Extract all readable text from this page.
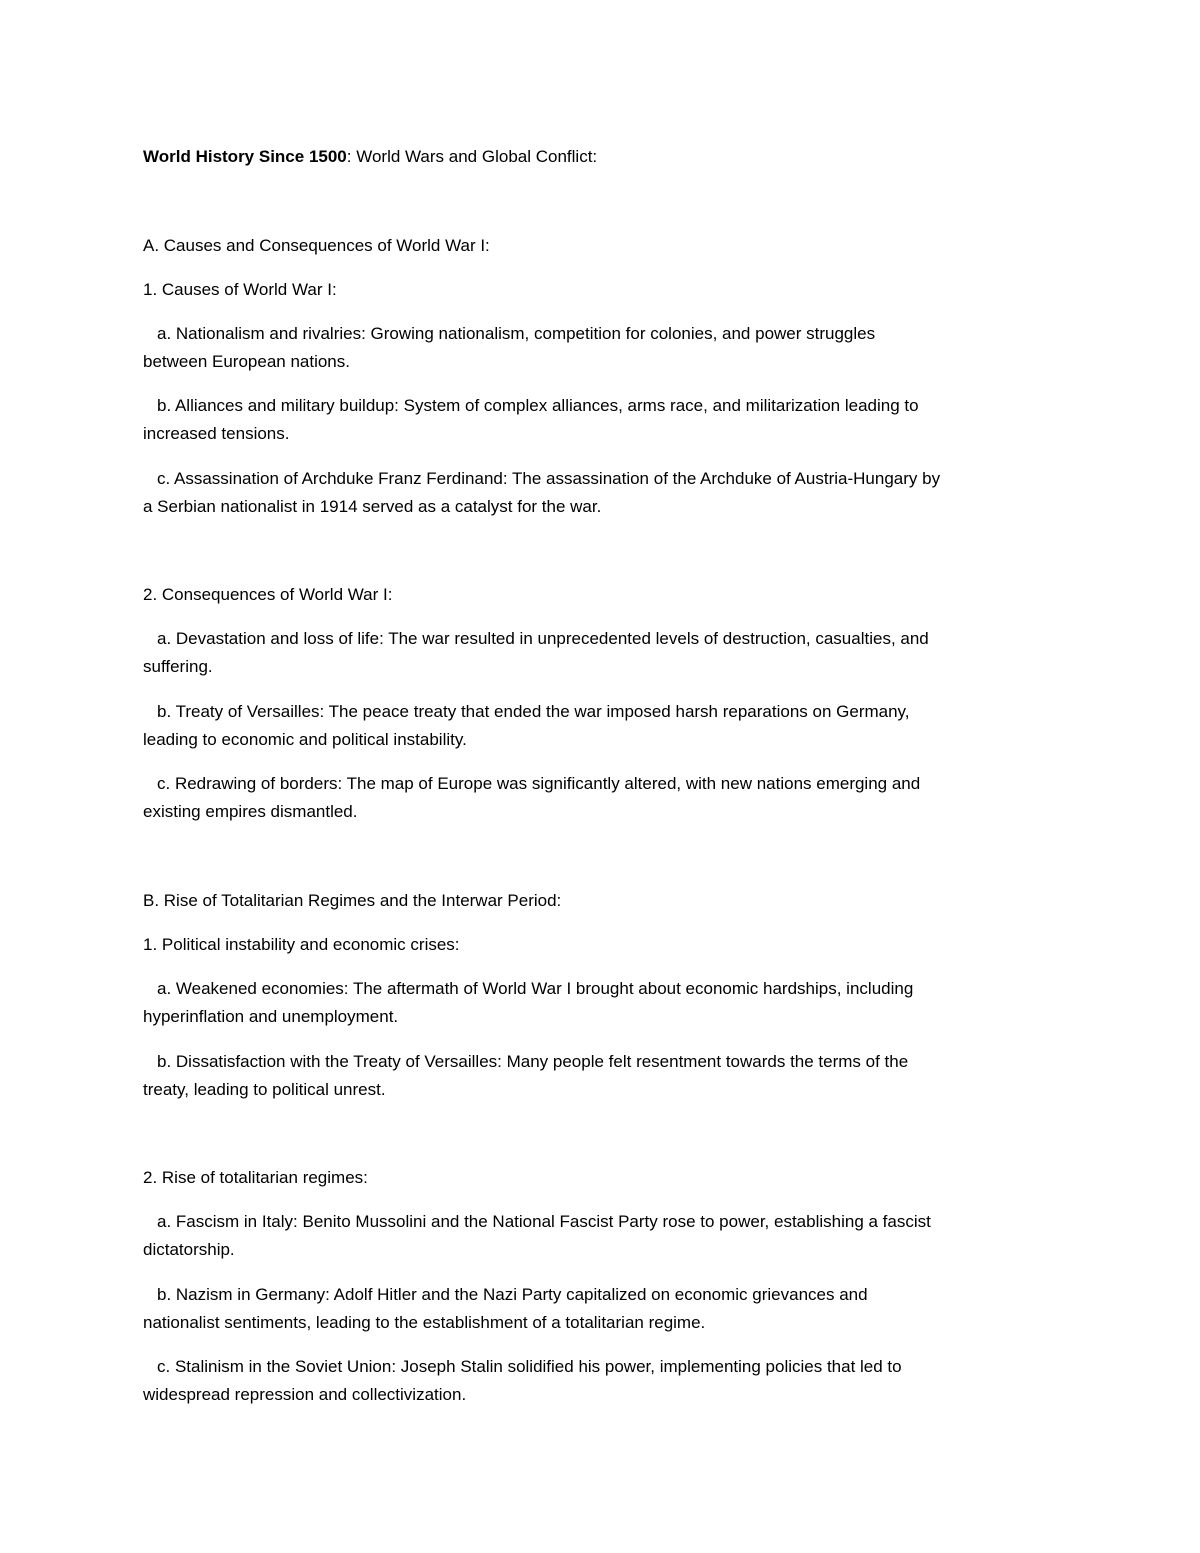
World History Since 1500: World Wars and Global Conflict:
A. Causes and Consequences of World War I:
1. Causes of World War I:
a. Nationalism and rivalries: Growing nationalism, competition for colonies, and power struggles
between European nations.
b. Alliances and military buildup: System of complex alliances, arms race, and militarization leading to
increased tensions.
c. Assassination of Archduke Franz Ferdinand: The assassination of the Archduke of Austria-Hungary by
a Serbian nationalist in 1914 served as a catalyst for the war.
2. Consequences of World War I:
a. Devastation and loss of life: The war resulted in unprecedented levels of destruction, casualties, and
suffering.
b. Treaty of Versailles: The peace treaty that ended the war imposed harsh reparations on Germany,
leading to economic and political instability.
c. Redrawing of borders: The map of Europe was significantly altered, with new nations emerging and
existing empires dismantled.
B. Rise of Totalitarian Regimes and the Interwar Period:
1. Political instability and economic crises:
a. Weakened economies: The aftermath of World War I brought about economic hardships, including
hyperinflation and unemployment.
b. Dissatisfaction with the Treaty of Versailles: Many people felt resentment towards the terms of the
treaty, leading to political unrest.
2. Rise of totalitarian regimes:
a. Fascism in Italy: Benito Mussolini and the National Fascist Party rose to power, establishing a fascist
dictatorship.
b. Nazism in Germany: Adolf Hitler and the Nazi Party capitalized on economic grievances and
nationalist sentiments, leading to the establishment of a totalitarian regime.
c. Stalinism in the Soviet Union: Joseph Stalin solidified his power, implementing policies that led to
widespread repression and collectivization.
